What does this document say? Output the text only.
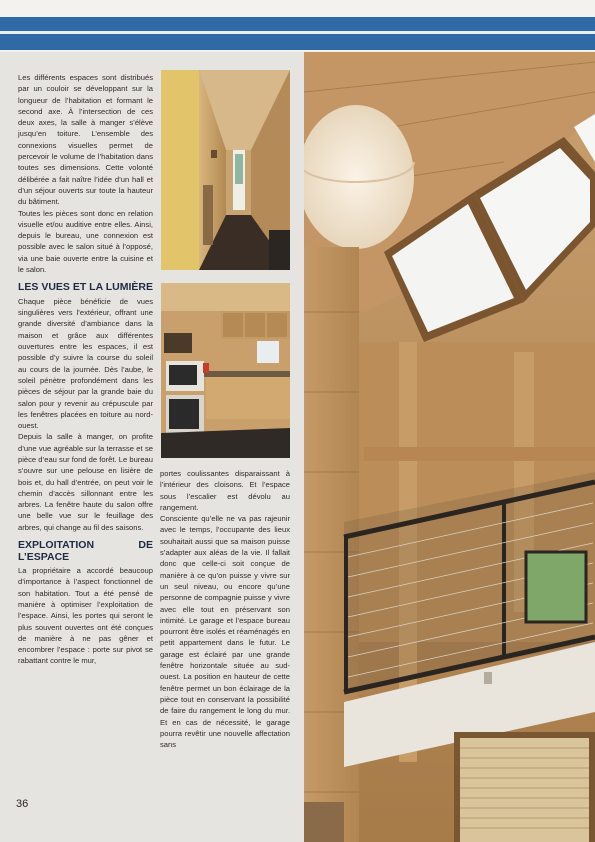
Les différents espaces sont distribués par un couloir se développant sur la longueur de l’habitation et formant le second axe. À l’intersection de ces deux axes, la salle à manger s’élève jusqu’en toiture. L’ensemble des connexions visuelles permet de percevoir le volume de l’habitation dans toutes ses dimensions. Cette volonté délibérée a fait naître l’idée d’un hall et d’un séjour ouverts sur toute la hauteur du bâtiment.

Toutes les pièces sont donc en relation visuelle et/ou auditive entre elles. Ainsi, depuis le bureau, une connexion est possible avec le salon situé à l’opposé, via une baie ouverte entre la cuisine et le salon.

LES VUES ET LA LUMIÈRE

Chaque pièce bénéficie de vues singulières vers l’extérieur, offrant une grande diversité d’ambiance dans la maison et grâce aux différentes ouvertures entre les espaces, il est possible d’y suivre la course du soleil au cours de la journée. Dès l’aube, le soleil pénètre profondément dans les pièces de séjour par la grande baie du salon pour y revenir au crépuscule par les fenêtres placées en toiture au nord-ouest.

Depuis la salle à manger, on profite d’une vue agréable sur la terrasse et se pièce d’eau sur fond de forêt. Le bureau s’ouvre sur une pelouse en lisière de bois et, du hall d’entrée, on peut voir le chemin d’accès sillonnant entre les arbres. La fenêtre haute du salon offre une belle vue sur le feuillage des arbres, qui change au fil des saisons.

EXPLOITATION DE L’ESPACE

La propriétaire a accordé beaucoup d’importance à l’aspect fonctionnel de son habitation. Tout a été pensé de manière à optimiser l’exploitation de l’espace. Ainsi, les portes qui seront le plus souvent ouvertes ont été conçues de manière à ne pas gêner et encombrer l’espace : porte sur pivot se rabattant contre le mur,

portes coulissantes disparaissant à l’intérieur des cloisons. Et l’espace sous l’escalier est dévolu au rangement.

Consciente qu’elle ne va pas rajeunir avec le temps, l’occupante des lieux souhaitait aussi que sa maison puisse s’adapter aux aléas de la vie. Il fallait donc que celle-ci soit conçue de manière à ce qu’on puisse y vivre sur un seul niveau, ou encore qu’une personne de compagnie puisse y vivre avec elle tout en préservant son intimité. Le garage et l’espace bureau pourront être isolés et réaménagés en petit appartement dans le futur. Le garage est éclairé par une grande fenêtre horizontale située au sud-ouest. La position en hauteur de cette fenêtre permet un bon éclairage de la pièce tout en conservant la possibilité de faire du rangement le long du mur. Et en cas de nécessité, le garage pourra revêtir une nouvelle affectation sans

36
